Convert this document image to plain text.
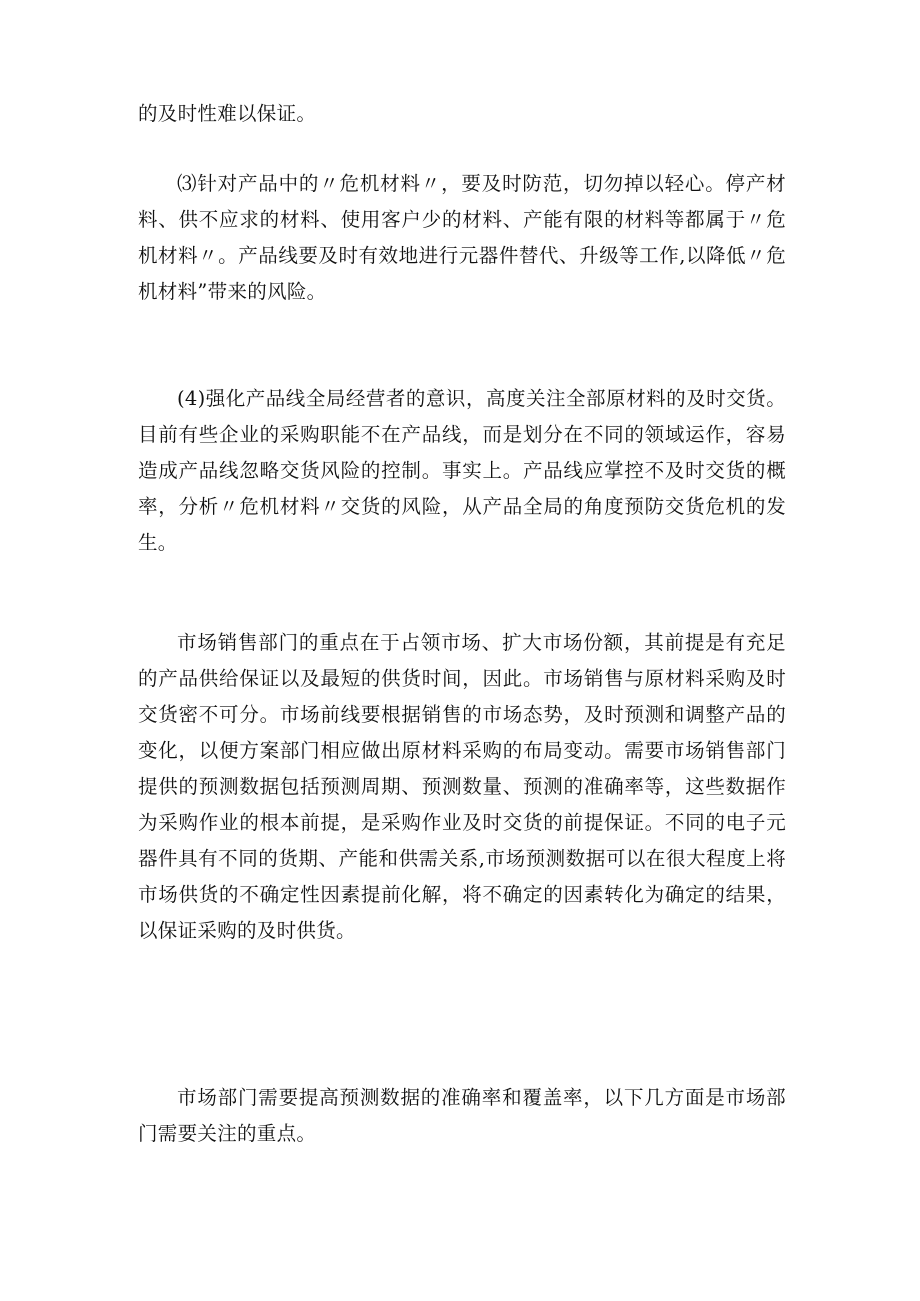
的及时性难以保证。

⑶针对产品中的〃危机材料〃，要及时防范，切勿掉以轻心。停产材料、供不应求的材料、使用客户少的材料、产能有限的材料等都属于〃危机材料〃。产品线要及时有效地进行元器件替代、升级等工作,以降低〃危机材料”带来的风险。

(4)强化产品线全局经营者的意识，高度关注全部原材料的及时交货。目前有些企业的采购职能不在产品线，而是划分在不同的领域运作，容易造成产品线忽略交货风险的控制。事实上。产品线应掌控不及时交货的概率，分析〃危机材料〃交货的风险，从产品全局的角度预防交货危机的发生。

市场销售部门的重点在于占领市场、扩大市场份额，其前提是有充足的产品供给保证以及最短的供货时间，因此。市场销售与原材料采购及时交货密不可分。市场前线要根据销售的市场态势，及时预测和调整产品的变化，以便方案部门相应做出原材料采购的布局变动。需要市场销售部门提供的预测数据包括预测周期、预测数量、预测的准确率等，这些数据作为采购作业的根本前提，是采购作业及时交货的前提保证。不同的电子元器件具有不同的货期、产能和供需关系,市场预测数据可以在很大程度上将市场供货的不确定性因素提前化解，将不确定的因素转化为确定的结果，以保证采购的及时供货。

市场部门需要提高预测数据的准确率和覆盖率，以下几方面是市场部门需要关注的重点。
